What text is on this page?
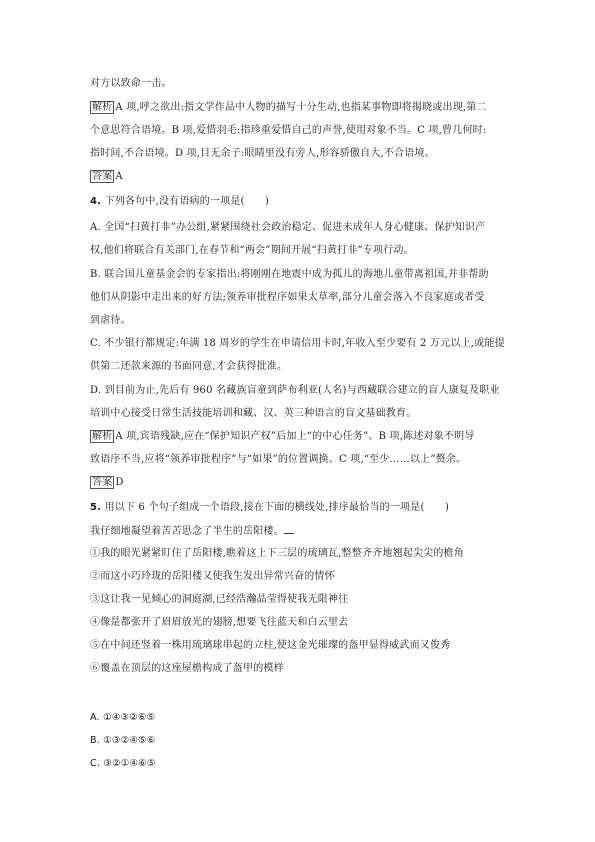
对方以致命一击。
解析 A 项,呼之欲出:指文学作品中人物的描写十分生动,也指某事物即将揭晓或出现,第二
个意思符合语境。B 项,爱惜羽毛:指珍重爱惜自己的声誉,使用对象不当。C 项,曾几何时:
指时间,不合语境。D 项,目无余子:眼睛里没有旁人,形容骄傲自大,不合语境。
答案 A
4. 下列各句中,没有语病的一项是(　　)
A. 全国“扫黄打非”办公组,紧紧围绕社会政治稳定、促进未成年人身心健康、保护知识产
权,他们将联合有关部门,在春节和“两会”期间开展“扫黄打非”专项行动。
B. 联合国儿童基金会的专家指出:将刚刚在地震中成为孤儿的海地儿童带离祖国,并非帮助
他们从阴影中走出来的好方法;领养审批程序如果太草率,部分儿童会落入不良家庭或者受
到虐待。
C. 不少银行都规定:年满 18 周岁的学生在申请信用卡时,年收入至少要有 2 万元以上,或能提
供第二还款来源的书面同意,才会获得批准。
D. 到目前为止,先后有 960 名藏族盲童到萨布利亚(人名)与西藏联合建立的盲人康复及职业
培训中心接受日常生活技能培训和藏、汉、英三种语言的盲文基础教育。
解析 A 项,宾语残缺,应在“保护知识产权”后加上“的中心任务”。B 项,陈述对象不明导
致语序不当,应将“领养审批程序”与“如果”的位置调换。C 项,“至少……以上”赘余。
答案 D
5. 用以下 6 个句子组成一个语段,接在下面的横线处,排序最恰当的一项是(　　)
我仔细地凝望着苦苦思念了半生的岳阳楼。
①我的眼光紧紧盯住了岳阳楼,瞧着这上下三层的琉璃瓦,整整齐齐地翘起尖尖的檐角
②而这小巧玲珑的岳阳楼又使我生发出异常兴奋的情怀
③这让我一见倾心的洞庭湖,已经浩瀚晶莹得使我无限神往
④像是都张开了眉眉放光的翅膀,想要飞往蓝天和白云里去
⑤在中间还竖着一株用琉璃球串起的立柱,使这金光璀璨的盔甲显得威武而又俊秀
⑥覆盖在顶层的这座屋檐构成了盔甲的模样
A. ①④③②⑥⑤
B. ①③②④⑤⑥
C. ③②①④⑥⑤
